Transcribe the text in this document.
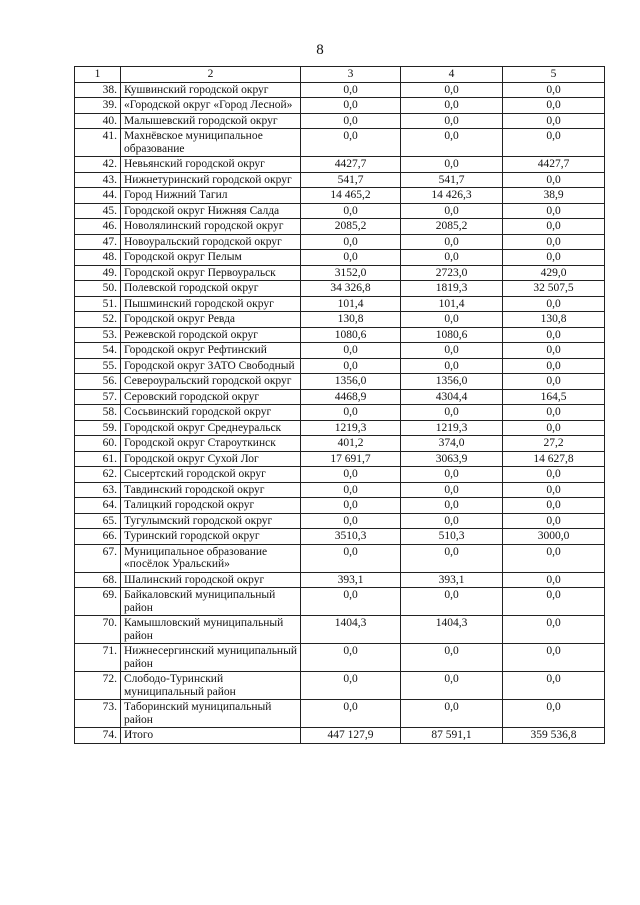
8
1	2	3	4	5
38.	Кушвинский городской округ	0,0	0,0	0,0
39.	«Городской округ «Город Лесной»	0,0	0,0	0,0
40.	Малышевский городской округ	0,0	0,0	0,0
41.	Махнёвское муниципальное образование	0,0	0,0	0,0
42.	Невьянский городской округ	4427,7	0,0	4427,7
43.	Нижнетуринский городской округ	541,7	541,7	0,0
44.	Город Нижний Тагил	14 465,2	14 426,3	38,9
45.	Городской округ Нижняя Салда	0,0	0,0	0,0
46.	Новолялинский городской округ	2085,2	2085,2	0,0
47.	Новоуральский городской округ	0,0	0,0	0,0
48.	Городской округ Пелым	0,0	0,0	0,0
49.	Городской округ Первоуральск	3152,0	2723,0	429,0
50.	Полевской городской округ	34 326,8	1819,3	32 507,5
51.	Пышминский городской округ	101,4	101,4	0,0
52.	Городской округ Ревда	130,8	0,0	130,8
53.	Режевской городской округ	1080,6	1080,6	0,0
54.	Городской округ Рефтинский	0,0	0,0	0,0
55.	Городской округ ЗАТО Свободный	0,0	0,0	0,0
56.	Североуральский городской округ	1356,0	1356,0	0,0
57.	Серовский городской округ	4468,9	4304,4	164,5
58.	Сосьвинский городской округ	0,0	0,0	0,0
59.	Городской округ Среднеуральск	1219,3	1219,3	0,0
60.	Городской округ Староуткинск	401,2	374,0	27,2
61.	Городской округ Сухой Лог	17 691,7	3063,9	14 627,8
62.	Сысертский городской округ	0,0	0,0	0,0
63.	Тавдинский городской округ	0,0	0,0	0,0
64.	Талицкий городской округ	0,0	0,0	0,0
65.	Тугулымский городской округ	0,0	0,0	0,0
66.	Туринский городской округ	3510,3	510,3	3000,0
67.	Муниципальное образование «посёлок Уральский»	0,0	0,0	0,0
68.	Шалинский городской округ	393,1	393,1	0,0
69.	Байкаловский муниципальный район	0,0	0,0	0,0
70.	Камышловский муниципальный район	1404,3	1404,3	0,0
71.	Нижнесергинский муниципальный район	0,0	0,0	0,0
72.	Слободо-Туринский муниципальный район	0,0	0,0	0,0
73.	Таборинский муниципальный район	0,0	0,0	0,0
74.	Итого	447 127,9	87 591,1	359 536,8
